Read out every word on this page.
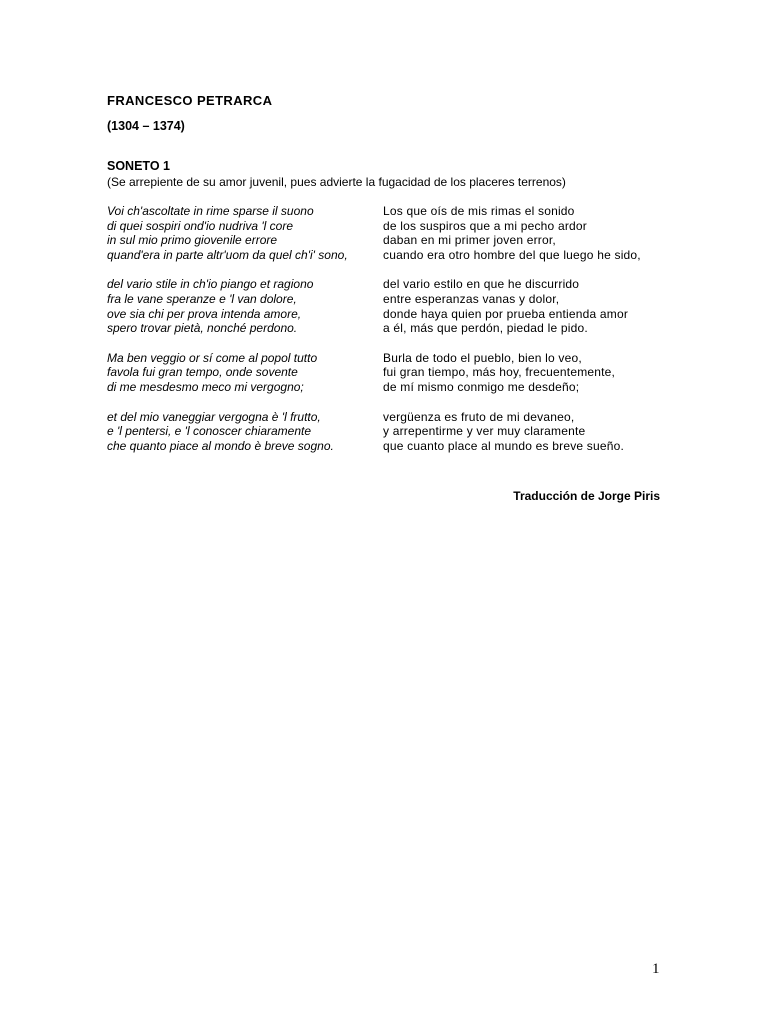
FRANCESCO PETRARCA
(1304 – 1374)
SONETO 1
(Se arrepiente de su amor juvenil, pues advierte la fugacidad de los placeres terrenos)
Voi ch'ascoltate in rime sparse il suono
di quei sospiri ond'io nudriva 'l core
in sul mio primo giovenile errore
quand'era in parte altr'uom da quel ch'i' sono,
del vario stile in ch'io piango et ragiono
fra le vane speranze e 'l van dolore,
ove sia chi per prova intenda amore,
spero trovar pietà, nonché perdono.
Ma ben veggio or sí come al popol tutto
favola fui gran tempo, onde sovente
di me mesdesmo meco mi vergogno;
et del mio vaneggiar vergogna è 'l frutto,
e 'l pentersi, e 'l conoscer chiaramente
che quanto piace al mondo è breve sogno.
Los que oís de mis rimas el sonido
de los suspiros que a mi pecho ardor
daban en mi primer joven error,
cuando era otro hombre del que luego he sido,
del vario estilo en que he discurrido
entre esperanzas vanas y dolor,
donde haya quien por prueba entienda amor
a él, más que perdón, piedad le pido.
Burla de todo el pueblo, bien lo veo,
fui gran tiempo, más hoy, frecuentemente,
de mí mismo conmigo me desdeño;
vergüenza es fruto de mi devaneo,
y arrepentirme y ver muy claramente
que cuanto place al mundo es breve sueño.
Traducción de Jorge Piris
1
